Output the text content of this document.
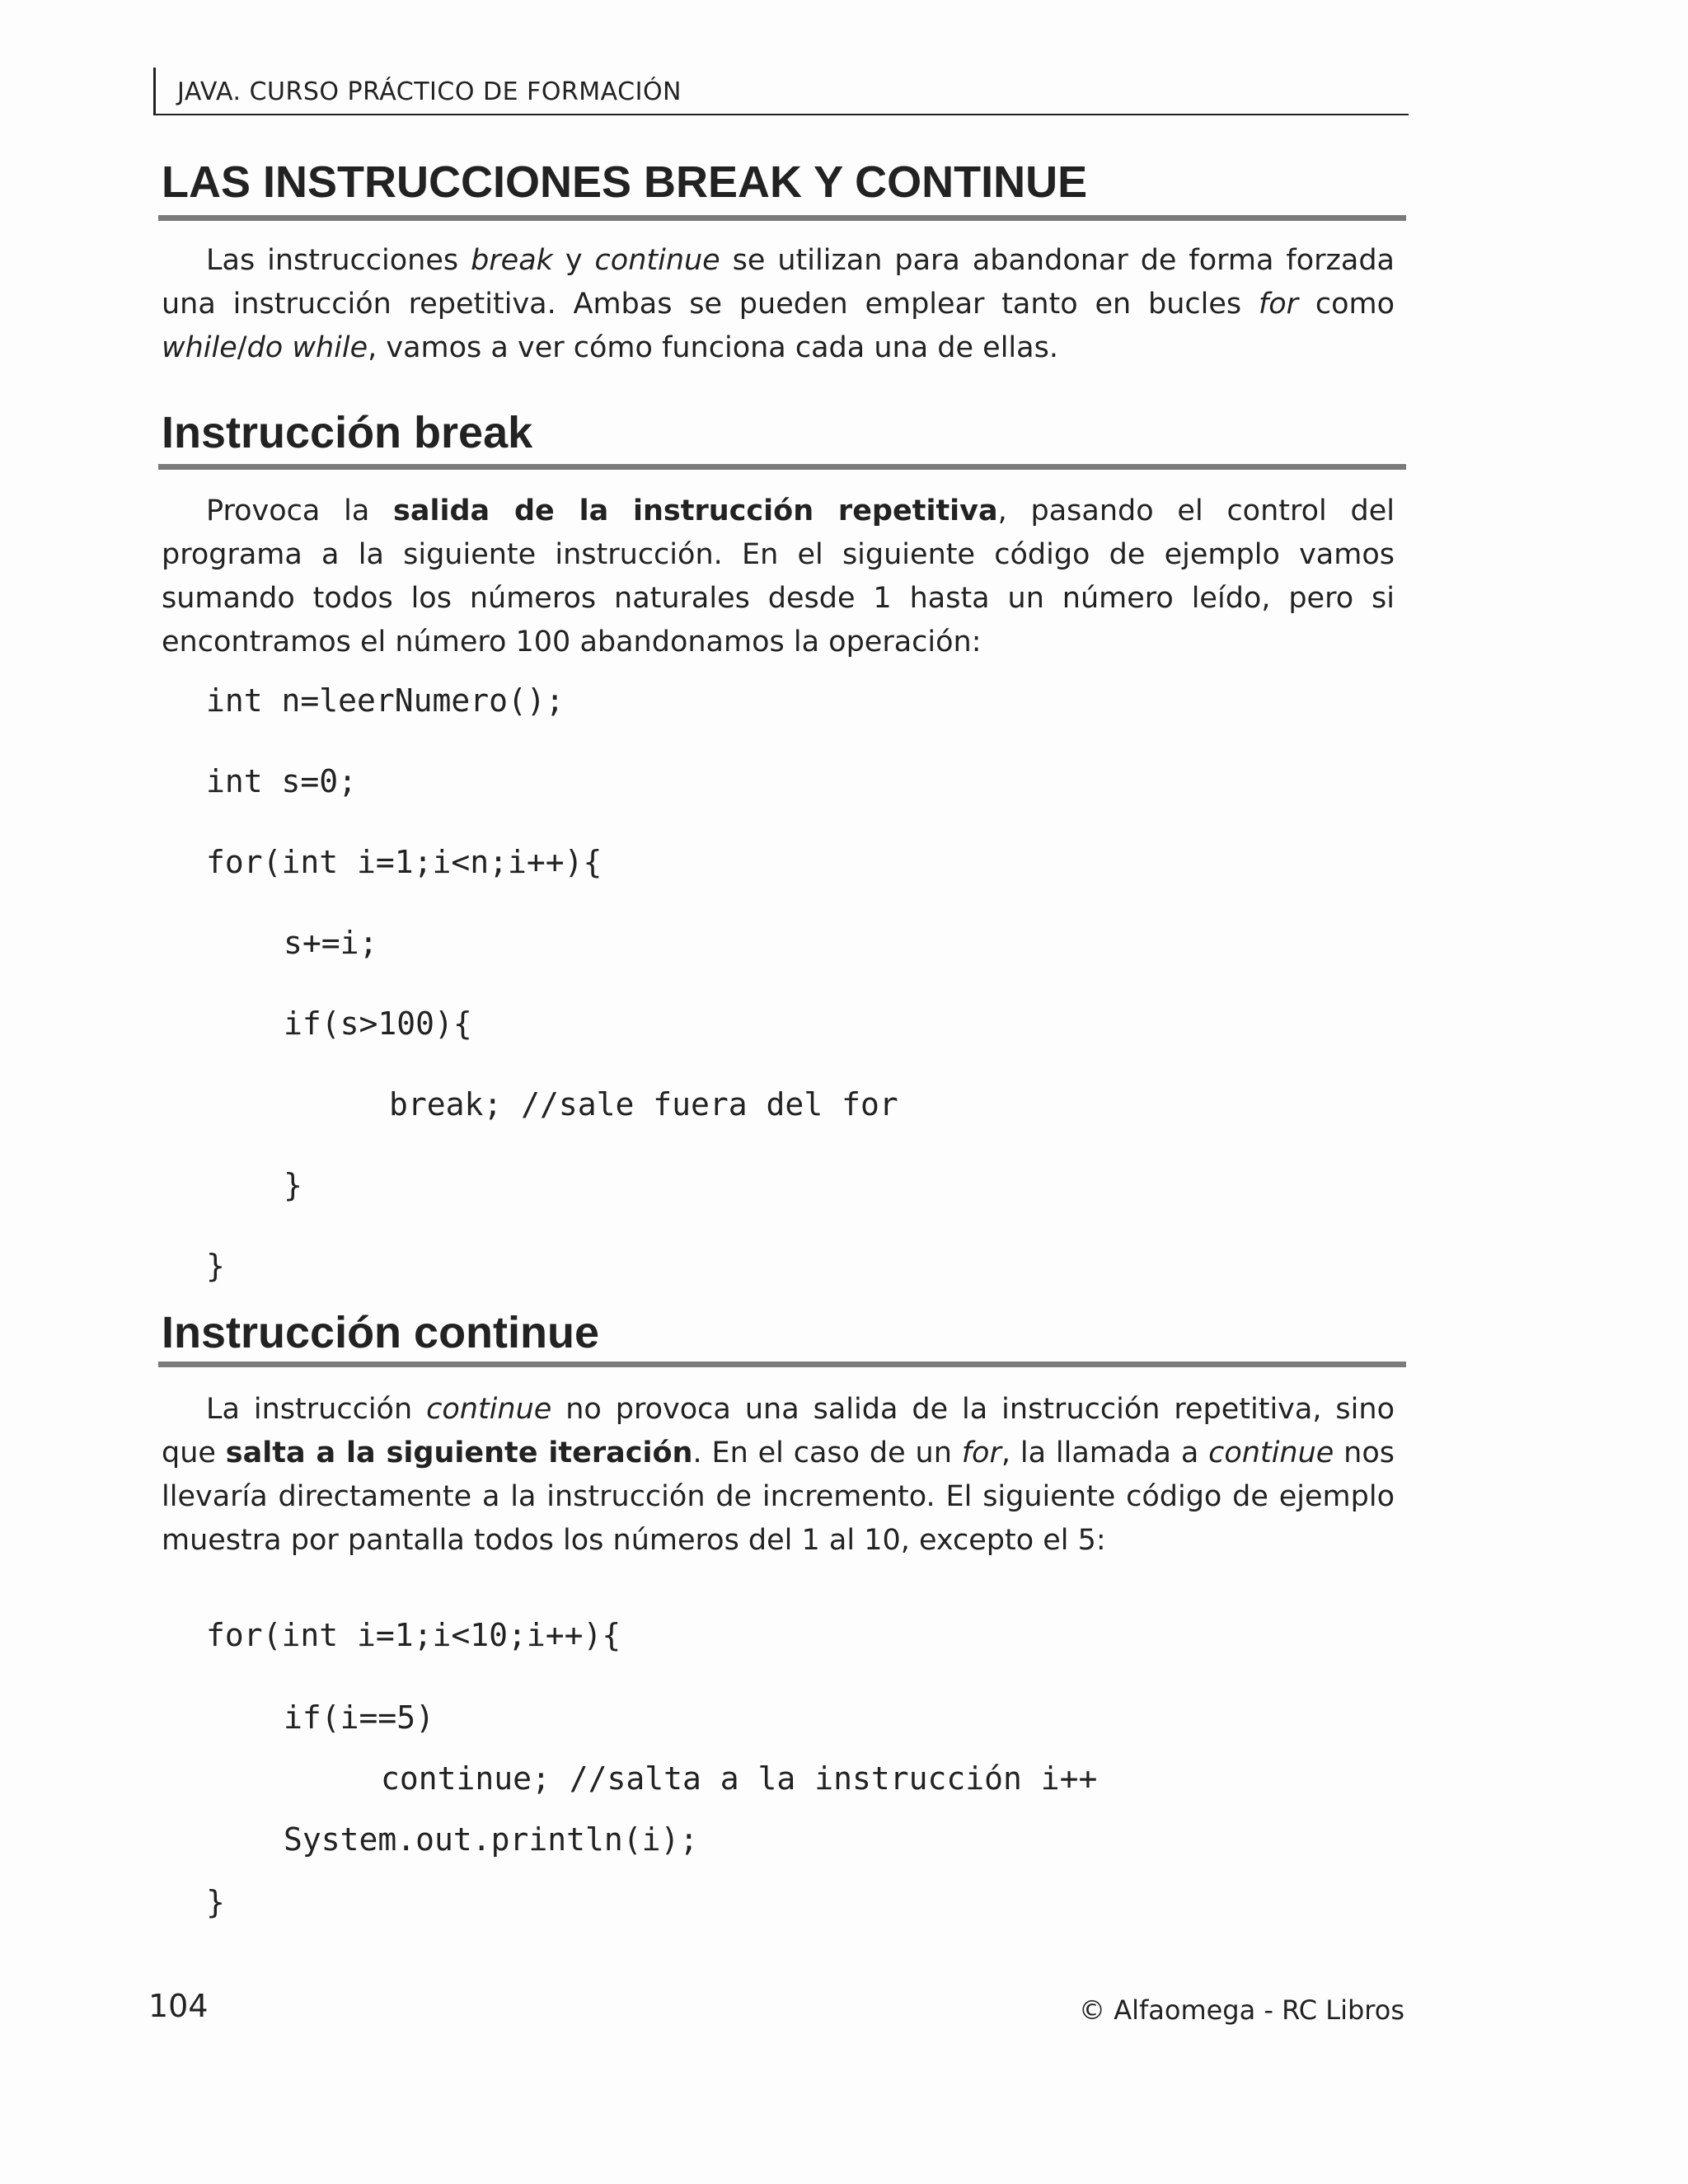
JAVA. CURSO PRÁCTICO DE FORMACIÓN
LAS INSTRUCCIONES BREAK Y CONTINUE

Las instrucciones break y continue se utilizan para abandonar de forma forzada una instrucción repetitiva. Ambas se pueden emplear tanto en bucles for como while/do while, vamos a ver cómo funciona cada una de ellas.

Instrucción break

Provoca la salida de la instrucción repetitiva, pasando el control del programa a la siguiente instrucción. En el siguiente código de ejemplo vamos sumando todos los números naturales desde 1 hasta un número leído, pero si encontramos el número 100 abandonamos la operación:

int n=leerNumero();
int s=0;
for(int i=1;i<n;i++){
s+=i;
if(s>100){
break; //sale fuera del for
}
}
Instrucción continue

La instrucción continue no provoca una salida de la instrucción repetitiva, sino que salta a la siguiente iteración. En el caso de un for, la llamada a continue nos llevaría directamente a la instrucción de incremento. El siguiente código de ejemplo muestra por pantalla todos los números del 1 al 10, excepto el 5:

for(int i=1;i<10;i++){
if(i==5)
continue; //salta a la instrucción i++
System.out.println(i);
}
104	© Alfaomega - RC Libros
